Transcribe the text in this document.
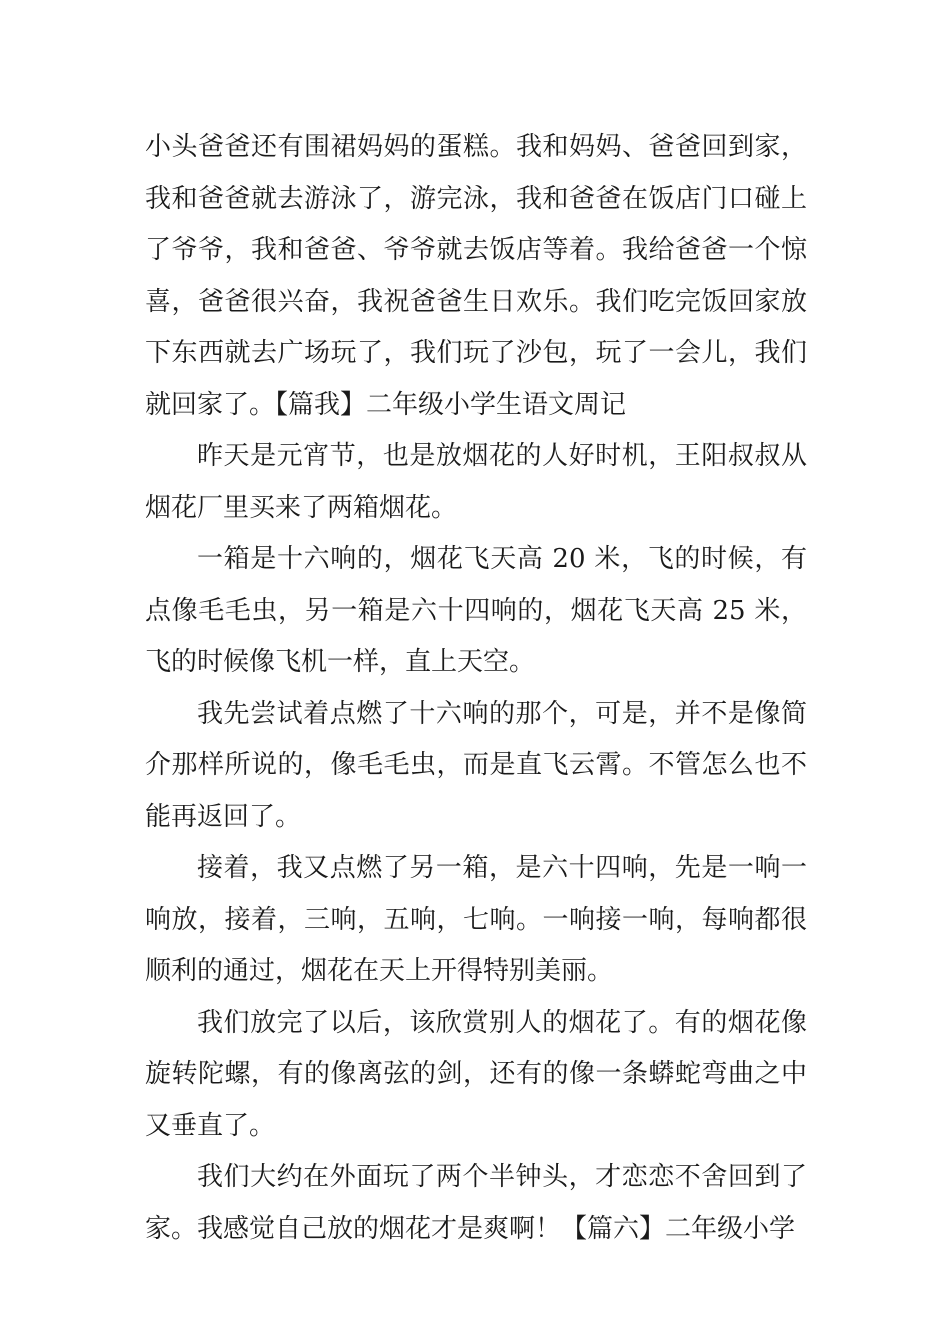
小头爸爸还有围裙妈妈的蛋糕。我和妈妈、爸爸回到家，我和爸爸就去游泳了，游完泳，我和爸爸在饭店门口碰上了爷爷，我和爸爸、爷爷就去饭店等着。我给爸爸一个惊喜，爸爸很兴奋，我祝爸爸生日欢乐。我们吃完饭回家放下东西就去广场玩了，我们玩了沙包，玩了一会儿，我们就回家了。【篇我】二年级小学生语文周记

昨天是元宵节，也是放烟花的人好时机，王阳叔叔从烟花厂里买来了两箱烟花。

一箱是十六响的，烟花飞天高 20 米，飞的时候，有点像毛毛虫，另一箱是六十四响的，烟花飞天高 25 米，飞的时候像飞机一样，直上天空。

我先尝试着点燃了十六响的那个，可是，并不是像简介那样所说的，像毛毛虫，而是直飞云霄。不管怎么也不能再返回了。

接着，我又点燃了另一箱，是六十四响，先是一响一响放，接着，三响，五响，七响。一响接一响，每响都很顺利的通过，烟花在天上开得特别美丽。

我们放完了以后，该欣赏别人的烟花了。有的烟花像旋转陀螺，有的像离弦的剑，还有的像一条蟒蛇弯曲之中又垂直了。

我们大约在外面玩了两个半钟头，才恋恋不舍回到了家。我感觉自己放的烟花才是爽啊！【篇六】二年级小学
